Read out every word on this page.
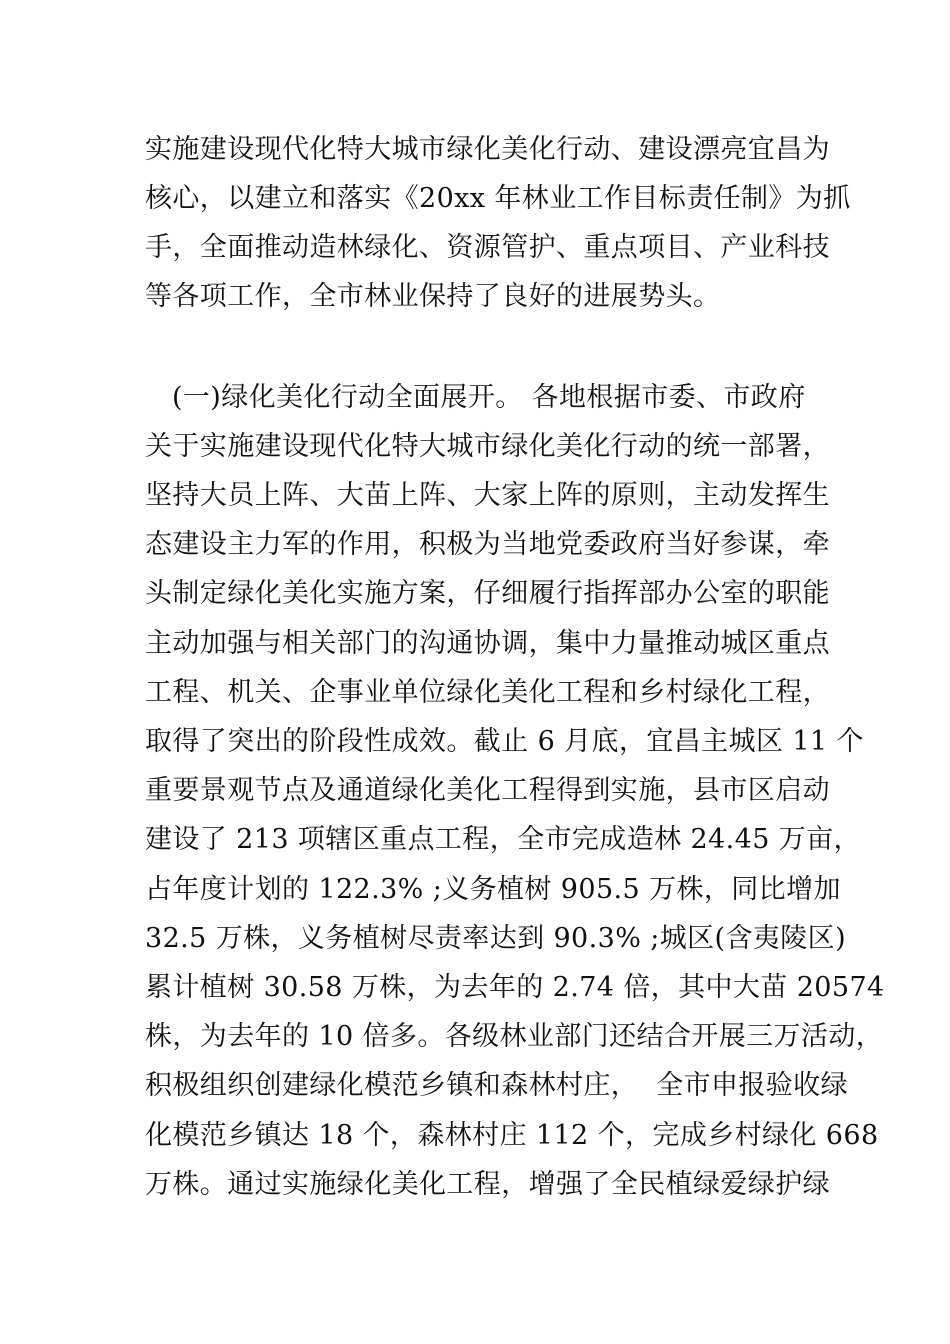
实施建设现代化特大城市绿化美化行动、建设漂亮宜昌为
核心，以建立和落实《20xx 年林业工作目标责任制》为抓
手，全面推动造林绿化、资源管护、重点项目、产业科技
等各项工作，全市林业保持了良好的进展势头。
(一)绿化美化行动全面展开。 各地根据市委、市政府
关于实施建设现代化特大城市绿化美化行动的统一部署，
坚持大员上阵、大苗上阵、大家上阵的原则，主动发挥生
态建设主力军的作用，积极为当地党委政府当好参谋，牵
头制定绿化美化实施方案，仔细履行指挥部办公室的职能
主动加强与相关部门的沟通协调，集中力量推动城区重点
工程、机关、企事业单位绿化美化工程和乡村绿化工程，
取得了突出的阶段性成效。截止 6 月底，宜昌主城区 11 个
重要景观节点及通道绿化美化工程得到实施，县市区启动
建设了 213 项辖区重点工程，全市完成造林 24.45 万亩，
占年度计划的 122.3% ;义务植树 905.5 万株，同比增加
32.5 万株，义务植树尽责率达到 90.3% ;城区(含夷陵区)
累计植树 30.58 万株，为去年的 2.74 倍，其中大苗 20574
株，为去年的 10 倍多。各级林业部门还结合开展三万活动，
积极组织创建绿化模范乡镇和森林村庄，  全市申报验收绿
化模范乡镇达 18 个，森林村庄 112 个，完成乡村绿化 668
万株。通过实施绿化美化工程，增强了全民植绿爱绿护绿
